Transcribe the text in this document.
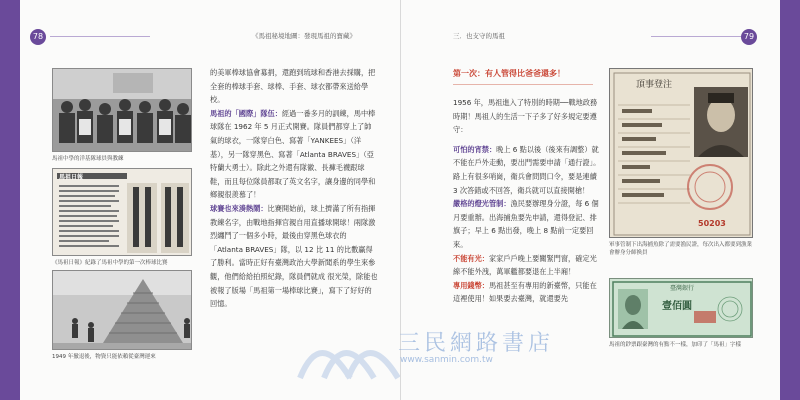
78	《馬祖秘境地圖：發現馬祖的寶藏》
馬祖中學的洋基隊球員與教練
馬祖日報
《馬祖日報》紀錄了馬祖中學的第一次棒球比賽
1949 年撤退後，物資只能依賴從臺灣運來

的美軍棒球協會募捐，還跑到琉球和香港去採購，把全套的棒球手套、球棒、手套、球衣都帶來送給學校。

馬祖的「國際」隊伍：經過一番多月的訓練，馬中棒球隊在 1962 年 5 月正式開賽。隊員們都穿上了帥氣的球衣，一隊穿白色、寫著「YANKEES」（洋基），另一隊穿黑色、寫著「Atlanta BRAVES」（亞特蘭大勇士）。除此之外還有隊徽、長褲毛襪跟球鞋，而且每位隊員都取了英文名字，讓身邊的同學和鄉親很羨慕了！

球賽也來湊熱鬧：比賽開始前，球上擠滿了所有指揮教練名字，由戰地指揮官親自用直播球開球！兩隊激烈纏鬥了一個多小時，最後由穿黑色球衣的「Atlanta BRAVES」隊，以 12 比 11 的比數贏得了勝利。當時正好有臺灣政治大學新聞系的學生來參觀，他們給給拍照紀錄，隊員們就成 很光榮，除能也被報了版場「馬祖第一場棒球比賽」，寫下了好好的回憶。

三．也支守的馬祖	79
第一次：有人管得比爸爸還多！

1956 年，馬祖進入了特別的時期──戰地政務時期！馬祖人的生活一下子多了好多規定要遵守：

可怕的宵禁：晚上 6 點以後（後來有調整）就不能在戶外走動，要出門需要申請「通行證」。路上有很多哨崗，衛兵會問問口令，要是連續 3 次答錯或不回答，衛兵就可以直接開槍！

嚴格的燈光管制：漁民要辦理身分證，每 6 個月要重辦。出海捕魚要先申請，還得登記、排旗子；早上 6 點出發，晚上 8 點前一定要回來。

不能有光：家家戶戶晚上要關緊門窗，確定光線不能外洩，萬軍艦都要退在上半廂！

專用錢幣：馬祖甚至有專用的新臺幣，只能在這裡使用！如果要去臺灣，就還要先

頂事登注
50203
軍事管制下出海捕魚除了需要漁民證，每次出入都要到漁業會辦身分師換員
臺灣銀行
壹佰圓
馬祖的鈔票跟臺灣的有點不一樣，加印了「馬祖」字樣
三民網路書店
www.sanmin.com.tw
